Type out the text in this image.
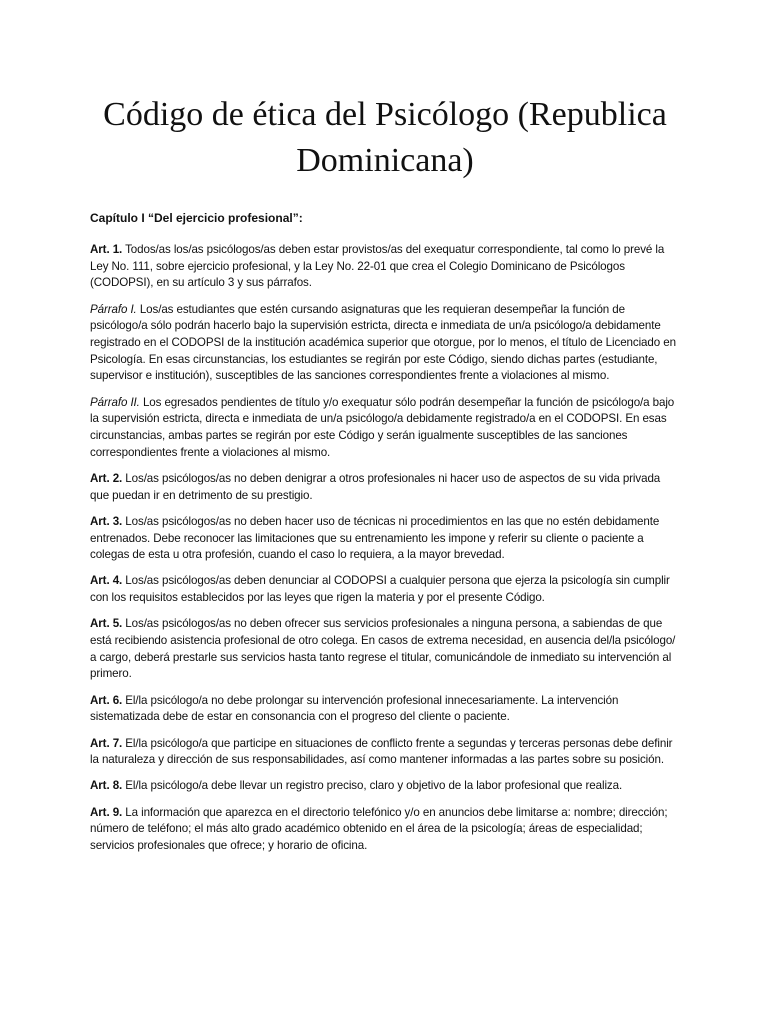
Código de ética del Psicólogo (Republica Dominicana)
Capítulo I “Del ejercicio profesional”:

Art. 1. Todos/as los/as psicólogos/as deben estar provistos/as del exequatur correspondiente, tal como lo prevé la Ley No. 111, sobre ejercicio profesional, y la Ley No. 22-01 que crea el Colegio Dominicano de Psicólogos (CODOPSI), en su artículo 3 y sus párrafos.

Párrafo I. Los/as estudiantes que estén cursando asignaturas que les requieran desempeñar la función de psicólogo/a sólo podrán hacerlo bajo la supervisión estricta, directa e inmediata de un/a psicólogo/a debidamente registrado en el CODOPSI de la institución académica superior que otorgue, por lo menos, el título de Licenciado en Psicología. En esas circunstancias, los estudiantes se regirán por este Código, siendo dichas partes (estudiante, supervisor e institución), susceptibles de las sanciones correspondientes frente a violaciones al mismo.

Párrafo II. Los egresados pendientes de título y/o exequatur sólo podrán desempeñar la función de psicólogo/a bajo la supervisión estricta, directa e inmediata de un/a psicólogo/a debidamente registrado/a en el CODOPSI. En esas circunstancias, ambas partes se regirán por este Código y serán igualmente susceptibles de las sanciones correspondientes frente a violaciones al mismo.

Art. 2. Los/as psicólogos/as no deben denigrar a otros profesionales ni hacer uso de aspectos de su vida privada que puedan ir en detrimento de su prestigio.

Art. 3. Los/as psicólogos/as no deben hacer uso de técnicas ni procedimientos en las que no estén debidamente entrenados. Debe reconocer las limitaciones que su entrenamiento les impone y referir su cliente o paciente a colegas de esta u otra profesión, cuando el caso lo requiera, a la mayor brevedad.

Art. 4. Los/as psicólogos/as deben denunciar al CODOPSI a cualquier persona que ejerza la psicología sin cumplir con los requisitos establecidos por las leyes que rigen la materia y por el presente Código.

Art. 5. Los/as psicólogos/as no deben ofrecer sus servicios profesionales a ninguna persona, a sabiendas de que está recibiendo asistencia profesional de otro colega. En casos de extrema necesidad, en ausencia del/la psicólogo/ a cargo, deberá prestarle sus servicios hasta tanto regrese el titular, comunicándole de inmediato su intervención al primero.

Art. 6. El/la psicólogo/a no debe prolongar su intervención profesional innecesariamente. La intervención sistematizada debe de estar en consonancia con el progreso del cliente o paciente.

Art. 7. El/la psicólogo/a que participe en situaciones de conflicto frente a segundas y terceras personas debe definir la naturaleza y dirección de sus responsabilidades, así como mantener informadas a las partes sobre su posición.

Art. 8. El/la psicólogo/a debe llevar un registro preciso, claro y objetivo de la labor profesional que realiza.

Art. 9. La información que aparezca en el directorio telefónico y/o en anuncios debe limitarse a: nombre; dirección; número de teléfono; el más alto grado académico obtenido en el área de la psicología; áreas de especialidad; servicios profesionales que ofrece; y horario de oficina.
